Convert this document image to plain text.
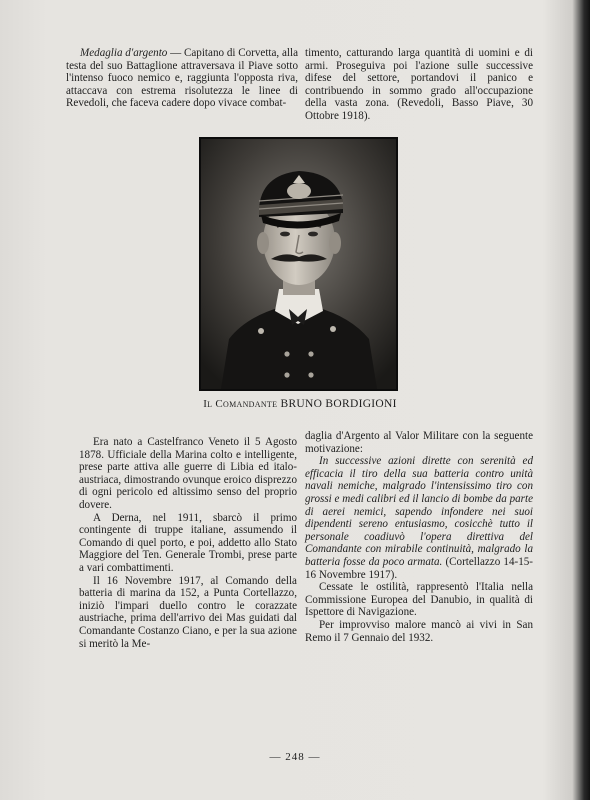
Medaglia d'argento — Capitano di Corvetta, alla testa del suo Battaglione attraversava il Piave sotto l'intenso fuoco nemico e, raggiunta l'opposta riva, attaccava con estrema risolutezza le linee di Revedoli, che faceva cadere dopo vivace combat-

timento, catturando larga quantità di uomini e di armi. Proseguiva poi l'azione sulle successive difese del settore, portandovi il panico e contribuendo in sommo grado all'occupazione della vasta zona. (Revedoli, Basso Piave, 30 Ottobre 1918).

Il Comandante BRUNO BORDIGIONI

Era nato a Castelfranco Veneto il 5 Agosto 1878. Ufficiale della Marina colto e intelligente, prese parte attiva alle guerre di Libia ed italo-austriaca, dimostrando ovunque eroico disprezzo di ogni pericolo ed altissimo senso del proprio dovere.

A Derna, nel 1911, sbarcò il primo contingente di truppe italiane, assumendo il Comando di quel porto, e poi, addetto allo Stato Maggiore del Ten. Generale Trombi, prese parte a vari combattimenti.

Il 16 Novembre 1917, al Comando della batteria di marina da 152, a Punta Cortellazzo, iniziò l'impari duello contro le corazzate austriache, prima dell'arrivo dei Mas guidati dal Comandante Costanzo Ciano, e per la sua azione si meritò la Me-

daglia d'Argento al Valor Militare con la seguente motivazione:

In successive azioni dirette con serenità ed efficacia il tiro della sua batteria contro unità navali nemiche, malgrado l'intensissimo tiro con grossi e medi calibri ed il lancio di bombe da parte di aerei nemici, sapendo infondere nei suoi dipendenti sereno entusiasmo, cosicchè tutto il personale coadiuvò l'opera direttiva del Comandante con mirabile continuità, malgrado la batteria fosse da poco armata. (Cortellazzo 14-15-16 Novembre 1917).

Cessate le ostilità, rappresentò l'Italia nella Commissione Europea del Danubio, in qualità di Ispettore di Navigazione.

Per improvviso malore mancò ai vivi in San Remo il 7 Gennaio del 1932.

— 248 —
